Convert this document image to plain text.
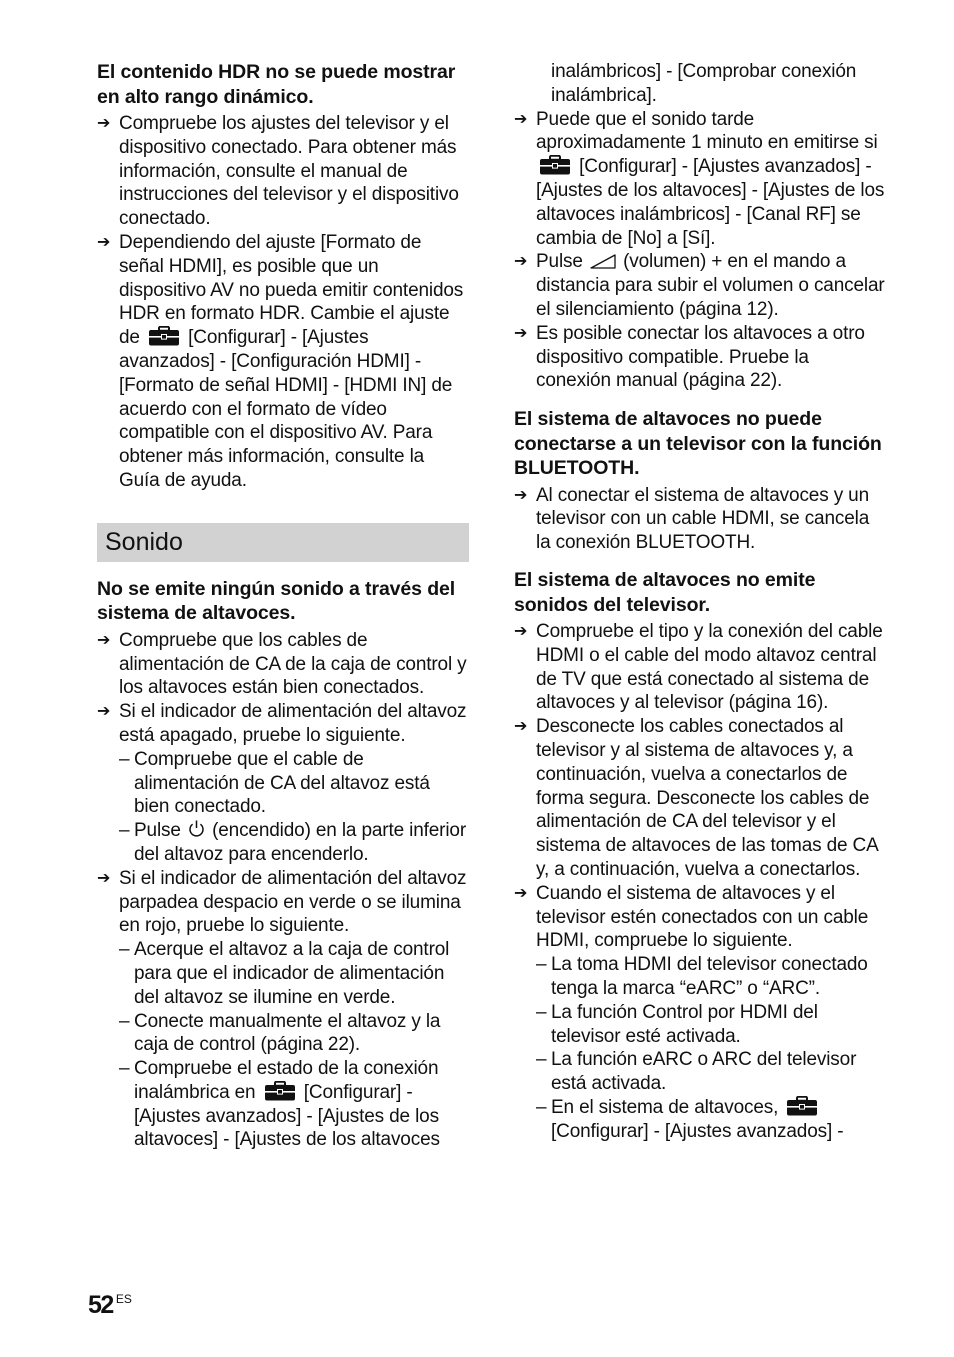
El contenido HDR no se puede mostrar en alto rango dinámico.
➔ Compruebe los ajustes del televisor y el dispositivo conectado. Para obtener más información, consulte el manual de instrucciones del televisor y el dispositivo conectado.
➔ Dependiendo del ajuste [Formato de señal HDMI], es posible que un dispositivo AV no pueda emitir contenidos HDR en formato HDR. Cambie el ajuste de	[Configurar] - [Ajustes avanzados] - [Configuración HDMI] - [Formato de señal HDMI] - [HDMI IN] de acuerdo con el formato de vídeo compatible con el dispositivo AV. Para obtener más información, consulte la Guía de ayuda.
Sonido
No se emite ningún sonido a través del sistema de altavoces.
➔ Compruebe que los cables de alimentación de CA de la caja de control y los altavoces están bien conectados.
➔ Si el indicador de alimentación del altavoz está apagado, pruebe lo siguiente.
– Compruebe que el cable de alimentación de CA del altavoz está bien conectado.
– Pulse (encendido) en la parte inferior del altavoz para encenderlo.
➔ Si el indicador de alimentación del altavoz parpadea despacio en verde o se ilumina en rojo, pruebe lo siguiente.
– Acerque el altavoz a la caja de control para que el indicador de alimentación del altavoz se ilumine en verde.
– Conecte manualmente el altavoz y la caja de control (página 22).
– Compruebe el estado de la conexión inalámbrica en	[Configurar] - [Ajustes avanzados] - [Ajustes de los altavoces] - [Ajustes de los altavoces
inalámbricos] - [Comprobar conexión inalámbrica].
➔ Puede que el sonido tarde aproximadamente 1 minuto en emitirse si  [Configurar] - [Ajustes avanzados] - [Ajustes de los altavoces] - [Ajustes de los altavoces inalámbricos] - [Canal RF] se cambia de [No] a [Sí].
➔ Pulse (volumen) + en el mando a distancia para subir el volumen o cancelar el silenciamiento (página 12).
➔ Es posible conectar los altavoces a otro dispositivo compatible. Pruebe la conexión manual (página 22).
El sistema de altavoces no puede conectarse a un televisor con la función BLUETOOTH.
➔ Al conectar el sistema de altavoces y un televisor con un cable HDMI, se cancela la conexión BLUETOOTH.
El sistema de altavoces no emite sonidos del televisor.
➔ Compruebe el tipo y la conexión del cable HDMI o el cable del modo altavoz central de TV que está conectado al sistema de altavoces y al televisor (página 16).
➔ Desconecte los cables conectados al televisor y al sistema de altavoces y, a continuación, vuelva a conectarlos de forma segura. Desconecte los cables de alimentación de CA del televisor y el sistema de altavoces de las tomas de CA y, a continuación, vuelva a conectarlos.
➔ Cuando el sistema de altavoces y el televisor estén conectados con un cable HDMI, compruebe lo siguiente.
– La toma HDMI del televisor conectado tenga la marca “eARC” o “ARC”.
– La función Control por HDMI del televisor esté activada.
– La función eARC o ARC del televisor está activada.
– En el sistema de altavoces,  [Configurar] - [Ajustes avanzados] -
52 $^{ES}$
